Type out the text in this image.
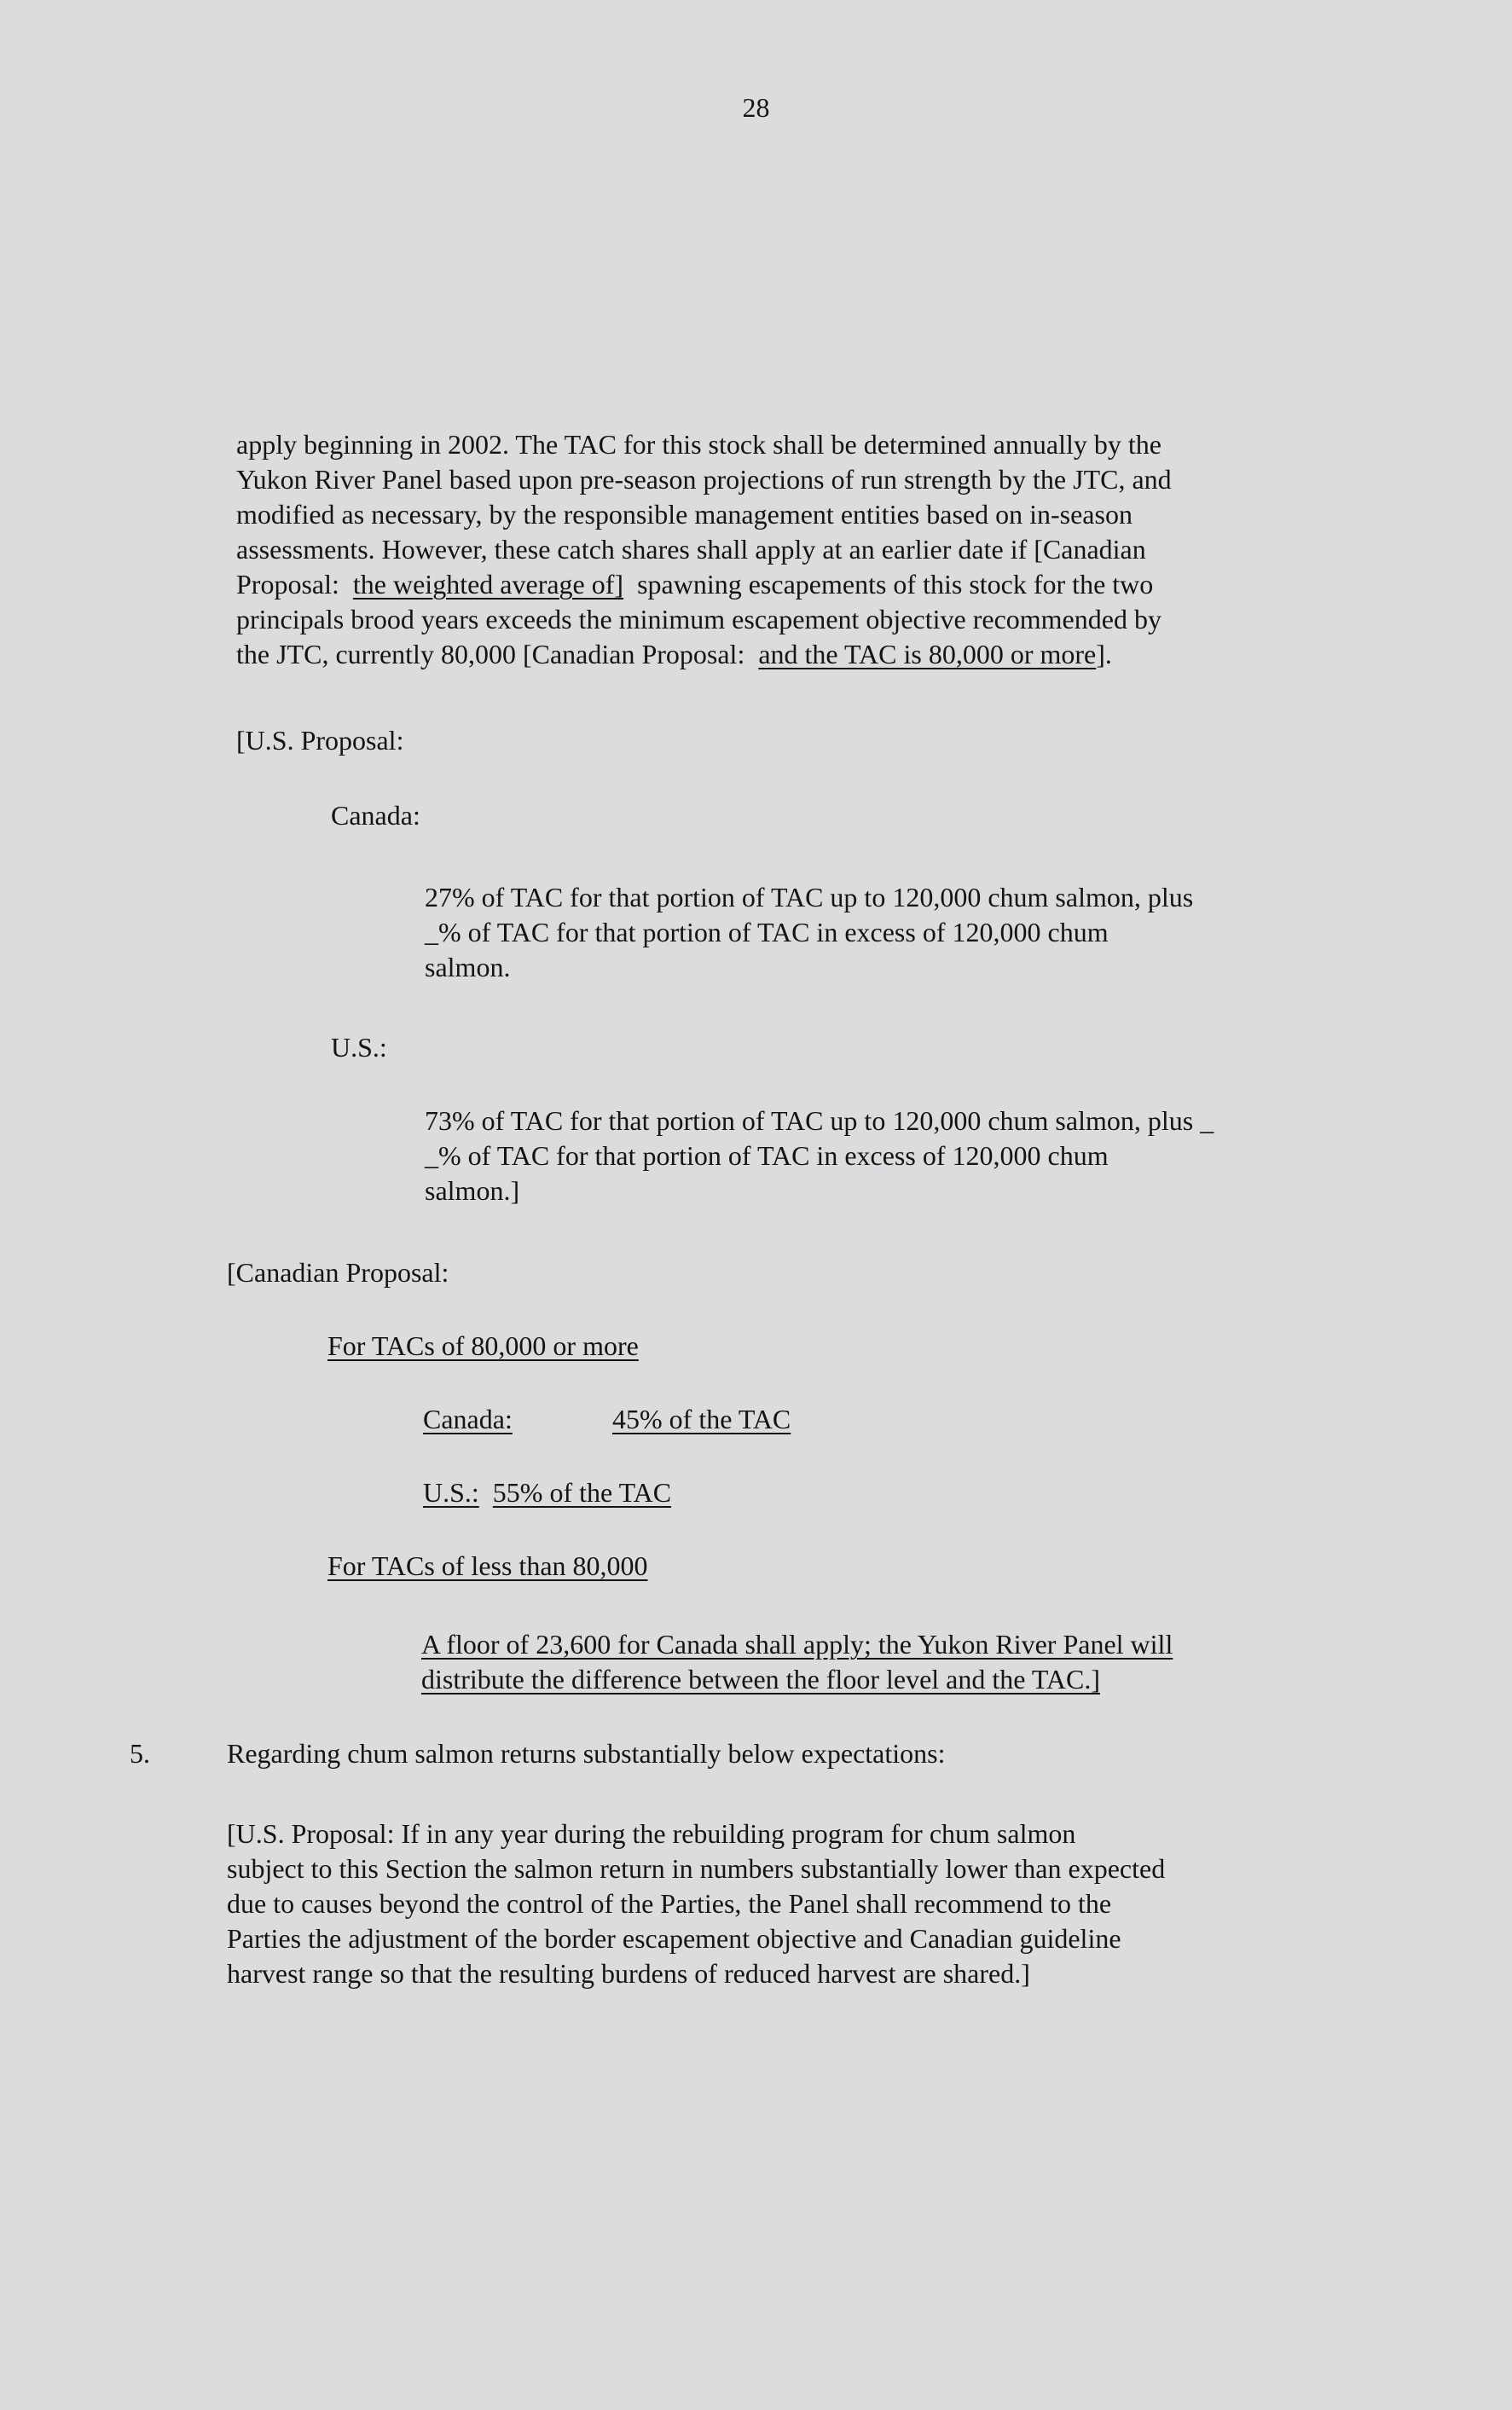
28
apply beginning in 2002. The TAC for this stock shall be determined annually by the
Yukon River Panel based upon pre-season projections of run strength by the JTC, and
modified as necessary, by the responsible management entities based on in-season
assessments. However, these catch shares shall apply at an earlier date if [Canadian
Proposal: the weighted average of] spawning escapements of this stock for the two
principals brood years exceeds the minimum escapement objective recommended by
the JTC, currently 80,000 [Canadian Proposal: and the TAC is 80,000 or more].
[U.S. Proposal:
Canada:
27% of TAC for that portion of TAC up to 120,000 chum salmon, plus
_% of TAC for that portion of TAC in excess of 120,000 chum
salmon.
U.S.:
73% of TAC for that portion of TAC up to 120,000 chum salmon, plus _
_% of TAC for that portion of TAC in excess of 120,000 chum
salmon.]
[Canadian Proposal:
For TACs of 80,000 or more
Canada:	45% of the TAC
U.S.: 55% of the TAC
For TACs of less than 80,000
A floor of 23,600 for Canada shall apply; the Yukon River Panel will
distribute the difference between the floor level and the TAC.]
5.	Regarding chum salmon returns substantially below expectations:
[U.S. Proposal: If in any year during the rebuilding program for chum salmon
subject to this Section the salmon return in numbers substantially lower than expected
due to causes beyond the control of the Parties, the Panel shall recommend to the
Parties the adjustment of the border escapement objective and Canadian guideline
harvest range so that the resulting burdens of reduced harvest are shared.]
